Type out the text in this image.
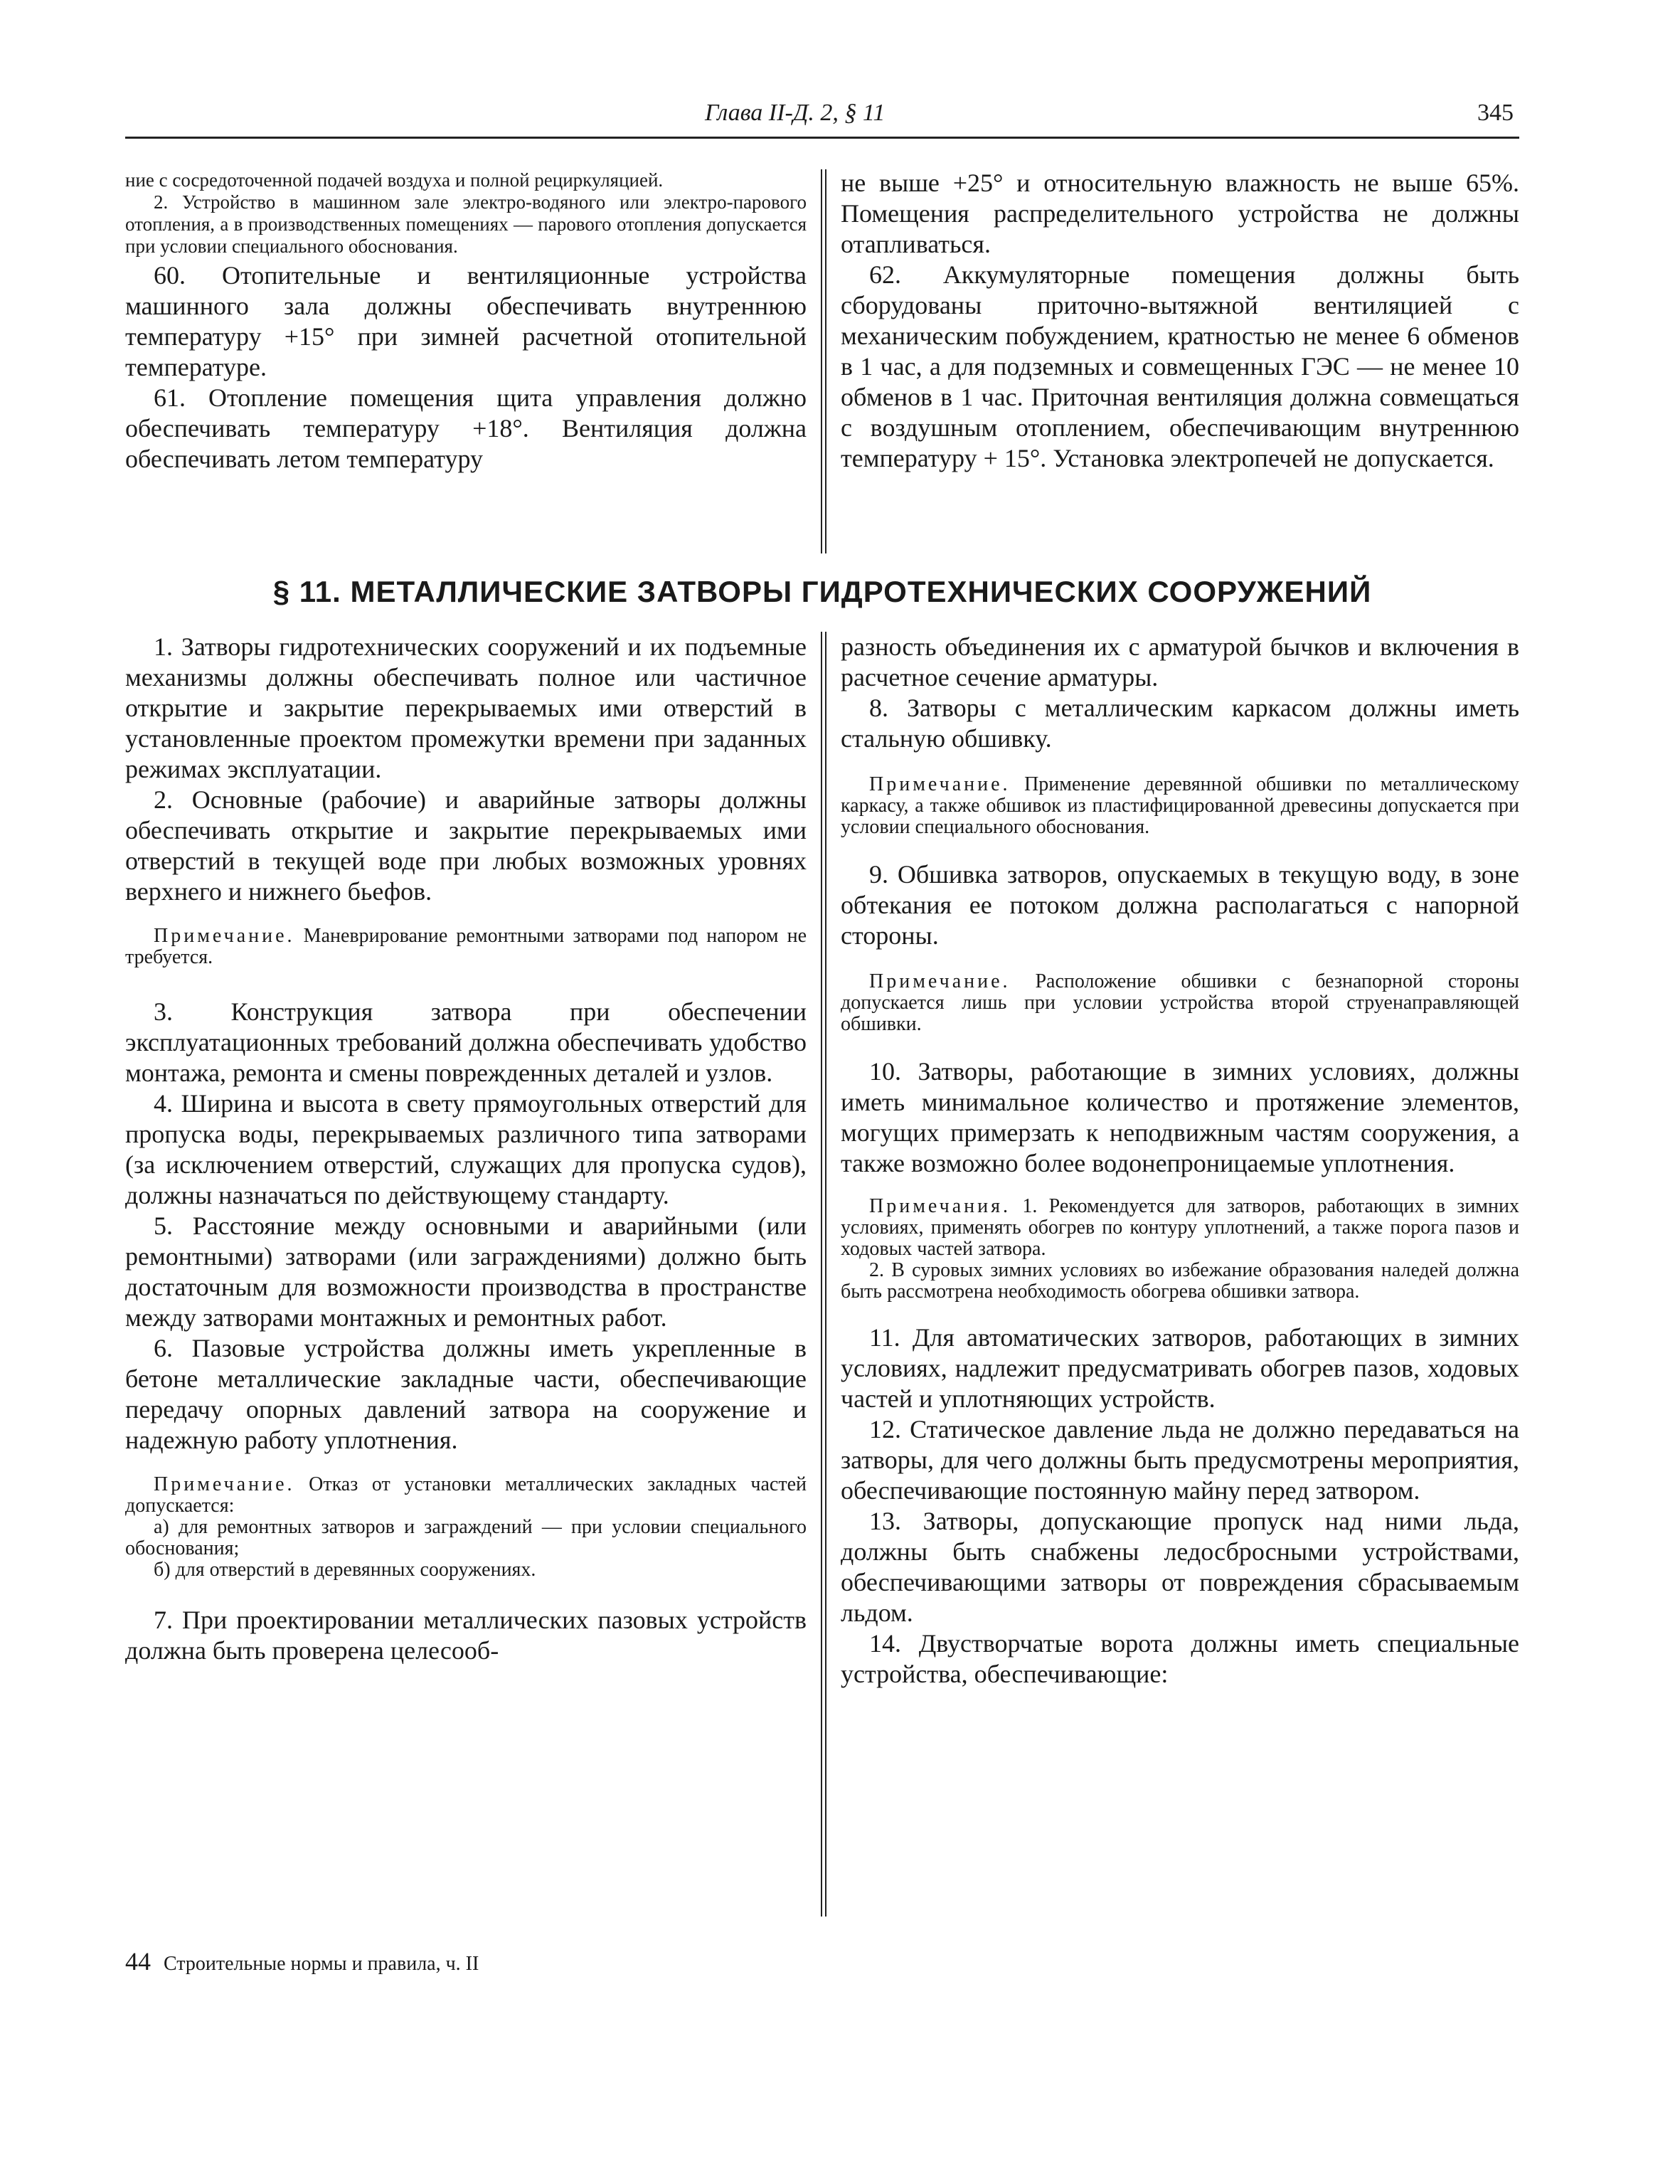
Глава II-Д. 2, § 11	345

ние с сосредоточенной подачей воздуха и полной рециркуляцией.

2. Устройство в машинном зале электро-водяного или электро-парового отопления, а в производственных помещениях — парового отопления допускается при условии специального обоснования.

60. Отопительные и вентиляционные устройства машинного зала должны обеспечивать внутреннюю температуру +15° при зимней расчетной отопительной температуре.

61. Отопление помещения щита управления должно обеспечивать температуру +18°. Вентиляция должна обеспечивать летом температуру

не выше +25° и относительную влажность не выше 65%. Помещения распределительного устройства не должны отапливаться.

62. Аккумуляторные помещения должны быть сборудованы приточно-вытяжной вентиляцией с механическим побуждением, кратностью не менее 6 обменов в 1 час, а для подземных и совмещенных ГЭС — не менее 10 обменов в 1 час. Приточная вентиляция должна совмещаться с воздушным отоплением, обеспечивающим внутреннюю температуру + 15°. Установка электропечей не допускается.

§ 11. МЕТАЛЛИЧЕСКИЕ ЗАТВОРЫ ГИДРОТЕХНИЧЕСКИХ СООРУЖЕНИЙ

1. Затворы гидротехнических сооружений и их подъемные механизмы должны обеспечивать полное или частичное открытие и закрытие перекрываемых ими отверстий в установленные проектом промежутки времени при заданных режимах эксплуатации.

2. Основные (рабочие) и аварийные затворы должны обеспечивать открытие и закрытие перекрываемых ими отверстий в текущей воде при любых возможных уровнях верхнего и нижнего бьефов.

Примечание. Маневрирование ремонтными затворами под напором не требуется.

3. Конструкция затвора при обеспечении эксплуатационных требований должна обеспечивать удобство монтажа, ремонта и смены поврежденных деталей и узлов.

4. Ширина и высота в свету прямоугольных отверстий для пропуска воды, перекрываемых различного типа затворами (за исключением отверстий, служащих для пропуска судов), должны назначаться по действующему стандарту.

5. Расстояние между основными и аварийными (или ремонтными) затворами (или заграждениями) должно быть достаточным для возможности производства в пространстве между затворами монтажных и ремонтных работ.

6. Пазовые устройства должны иметь укрепленные в бетоне металлические закладные части, обеспечивающие передачу опорных давлений затвора на сооружение и надежную работу уплотнения.

Примечание. Отказ от установки металлических закладных частей допускается:

а) для ремонтных затворов и заграждений — при условии специального обоснования;

б) для отверстий в деревянных сооружениях.

7. При проектировании металлических пазовых устройств должна быть проверена целесооб-

разность объединения их с арматурой бычков и включения в расчетное сечение арматуры.

8. Затворы с металлическим каркасом должны иметь стальную обшивку.

Примечание. Применение деревянной обшивки по металлическому каркасу, а также обшивок из пластифицированной древесины допускается при условии специального обоснования.

9. Обшивка затворов, опускаемых в текущую воду, в зоне обтекания ее потоком должна располагаться с напорной стороны.

Примечание. Расположение обшивки с безнапорной стороны допускается лишь при условии устройства второй струенаправляющей обшивки.

10. Затворы, работающие в зимних условиях, должны иметь минимальное количество и протяжение элементов, могущих примерзать к неподвижным частям сооружения, а также возможно более водонепроницаемые уплотнения.

Примечания. 1. Рекомендуется для затворов, работающих в зимних условиях, применять обогрев по контуру уплотнений, а также порога пазов и ходовых частей затвора.

2. В суровых зимних условиях во избежание образования наледей должна быть рассмотрена необходимость обогрева обшивки затвора.

11. Для автоматических затворов, работающих в зимних условиях, надлежит предусматривать обогрев пазов, ходовых частей и уплотняющих устройств.

12. Статическое давление льда не должно передаваться на затворы, для чего должны быть предусмотрены мероприятия, обеспечивающие постоянную майну перед затвором.

13. Затворы, допускающие пропуск над ними льда, должны быть снабжены ледосбросными устройствами, обеспечивающими затворы от повреждения сбрасываемым льдом.

14. Двустворчатые ворота должны иметь специальные устройства, обеспечивающие:

44 Строительные нормы и правила, ч. II
